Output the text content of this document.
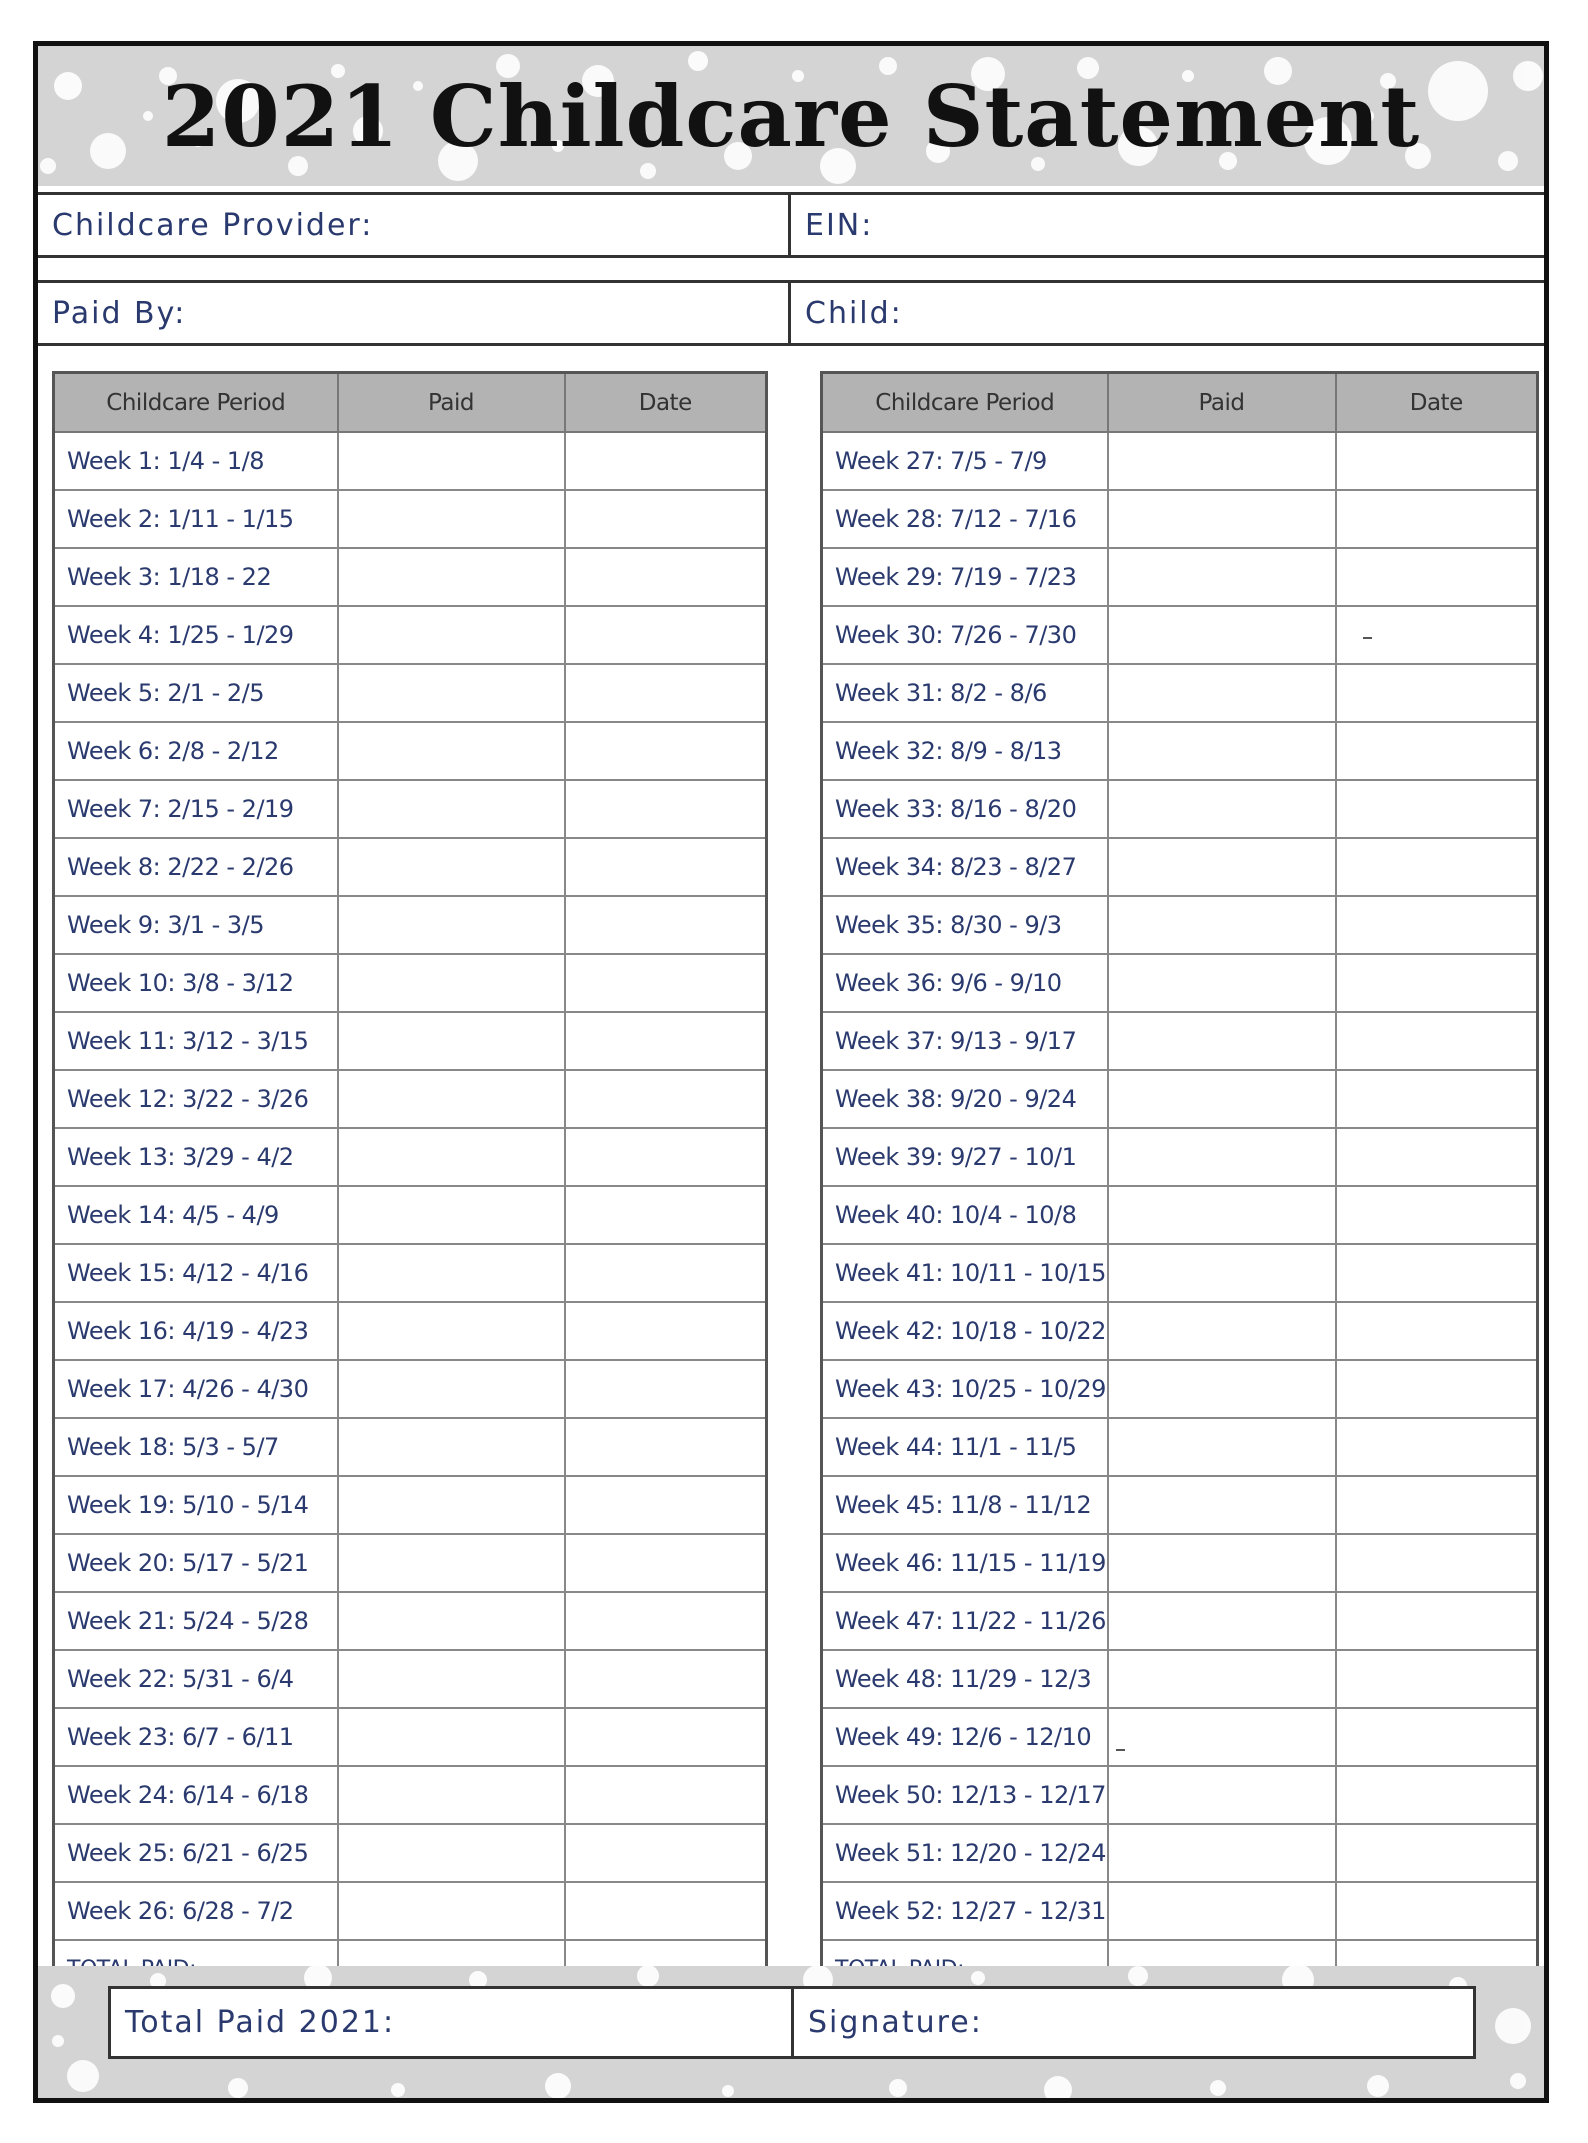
2021 Childcare Statement
Childcare Provider:	EIN:
Paid By:	Child:
Childcare Period	Paid	Date
Week 1: 1/4 - 1/8		
Week 2: 1/11 - 1/15		
Week 3: 1/18 - 22		
Week 4: 1/25 - 1/29		
Week 5: 2/1 - 2/5		
Week 6: 2/8 - 2/12		
Week 7: 2/15 - 2/19		
Week 8: 2/22 - 2/26		
Week 9: 3/1 - 3/5		
Week 10: 3/8 - 3/12		
Week 11: 3/12 - 3/15		
Week 12: 3/22 - 3/26		
Week 13: 3/29 - 4/2		
Week 14: 4/5 - 4/9		
Week 15: 4/12 - 4/16		
Week 16: 4/19 - 4/23		
Week 17: 4/26 - 4/30		
Week 18: 5/3 - 5/7		
Week 19: 5/10 - 5/14		
Week 20: 5/17 - 5/21		
Week 21: 5/24 - 5/28		
Week 22: 5/31 - 6/4		
Week 23: 6/7 - 6/11		
Week 24: 6/14 - 6/18		
Week 25: 6/21 - 6/25		
Week 26: 6/28 - 7/2		

Childcare Period	Paid	Date
Week 27: 7/5 - 7/9		
Week 28: 7/12 - 7/16		
Week 29: 7/19 - 7/23		
Week 30: 7/26 - 7/30		
Week 31: 8/2 - 8/6		
Week 32: 8/9 - 8/13		
Week 33: 8/16 - 8/20		
Week 34: 8/23 - 8/27		
Week 35: 8/30 - 9/3		
Week 36: 9/6 - 9/10		
Week 37: 9/13 - 9/17		
Week 38: 9/20 - 9/24		
Week 39: 9/27 - 10/1		
Week 40: 10/4 - 10/8		
Week 41: 10/11 - 10/15		
Week 42: 10/18 - 10/22		
Week 43: 10/25 - 10/29		
Week 44: 11/1 - 11/5		
Week 45: 11/8 - 11/12		
Week 46: 11/15 - 11/19		
Week 47: 11/22 - 11/26		
Week 48: 11/29 - 12/3		
Week 49: 12/6 - 12/10		
Week 50: 12/13 - 12/17		
Week 51: 12/20 - 12/24		
Week 52: 12/27 - 12/31		

Total Paid 2021:	Signature:
